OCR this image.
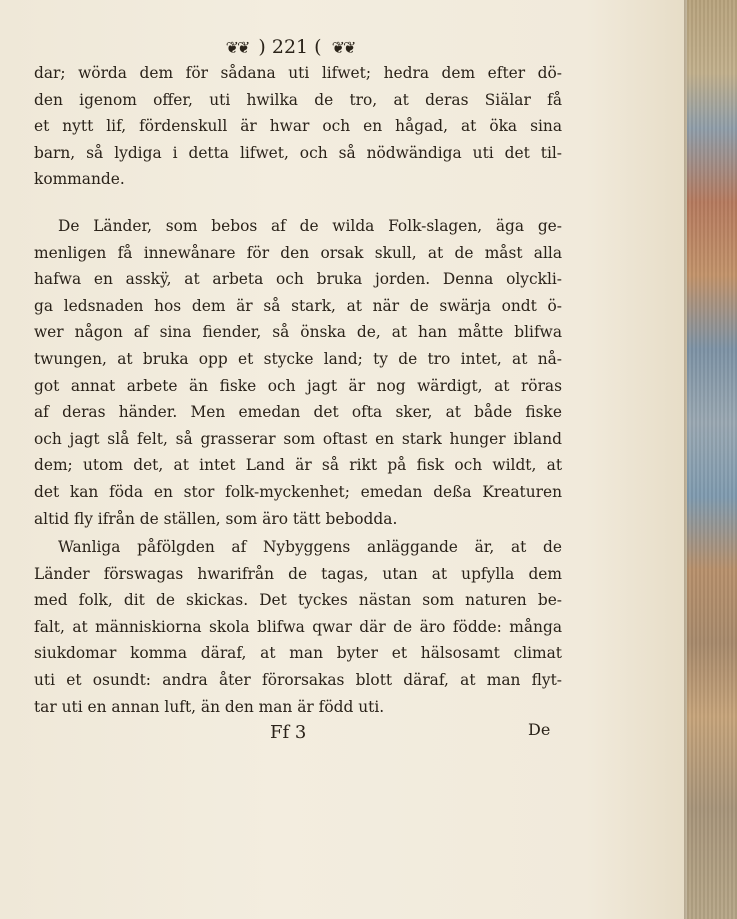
❦❦ ) 221 ( ❦❦
dar; wörda dem för sådana uti lifwet; hedra dem efter dö-
den igenom offer, uti hwilka de tro, at deras Siälar få
et nytt lif, fördenskull är hwar och en hågad, at öka sina
barn, så lydiga i detta lifwet, och så nödwändiga uti det til-
kommande.
De Länder, som bebos af de wilda Folk-slagen, äga ge-
menligen få innewånare för den orsak skull, at de måst alla
hafwa en asskÿ, at arbeta och bruka jorden. Denna olyckli-
ga ledsnaden hos dem är så stark, at när de swärja ondt ö-
wer någon af sina fiender, så önska de, at han måtte blifwa
twungen, at bruka opp et stycke land; ty de tro intet, at nå-
got annat arbete än fiske och jagt är nog wärdigt, at röras
af deras händer. Men emedan det ofta sker, at både fiske
och jagt slå felt, så grasserar som oftast en stark hunger ibland
dem; utom det, at intet Land är så rikt på fisk och wildt, at
det kan föda en stor folk-myckenhet; emedan deßa Kreaturen
altid fly ifrån de ställen, som äro tätt bebodda.
Wanliga påfölgden af Nybyggens anläggande är, at de
Länder förswagas hwarifrån de tagas, utan at upfylla dem
med folk, dit de skickas. Det tyckes nästan som naturen be-
falt, at människiorna skola blifwa qwar där de äro födde: många
siukdomar komma däraf, at man byter et hälsosamt climat
uti et osundt: andra åter förorsakas blott däraf, at man flyt-
tar uti en annan luft, än den man är född uti.
Ff 3	De
